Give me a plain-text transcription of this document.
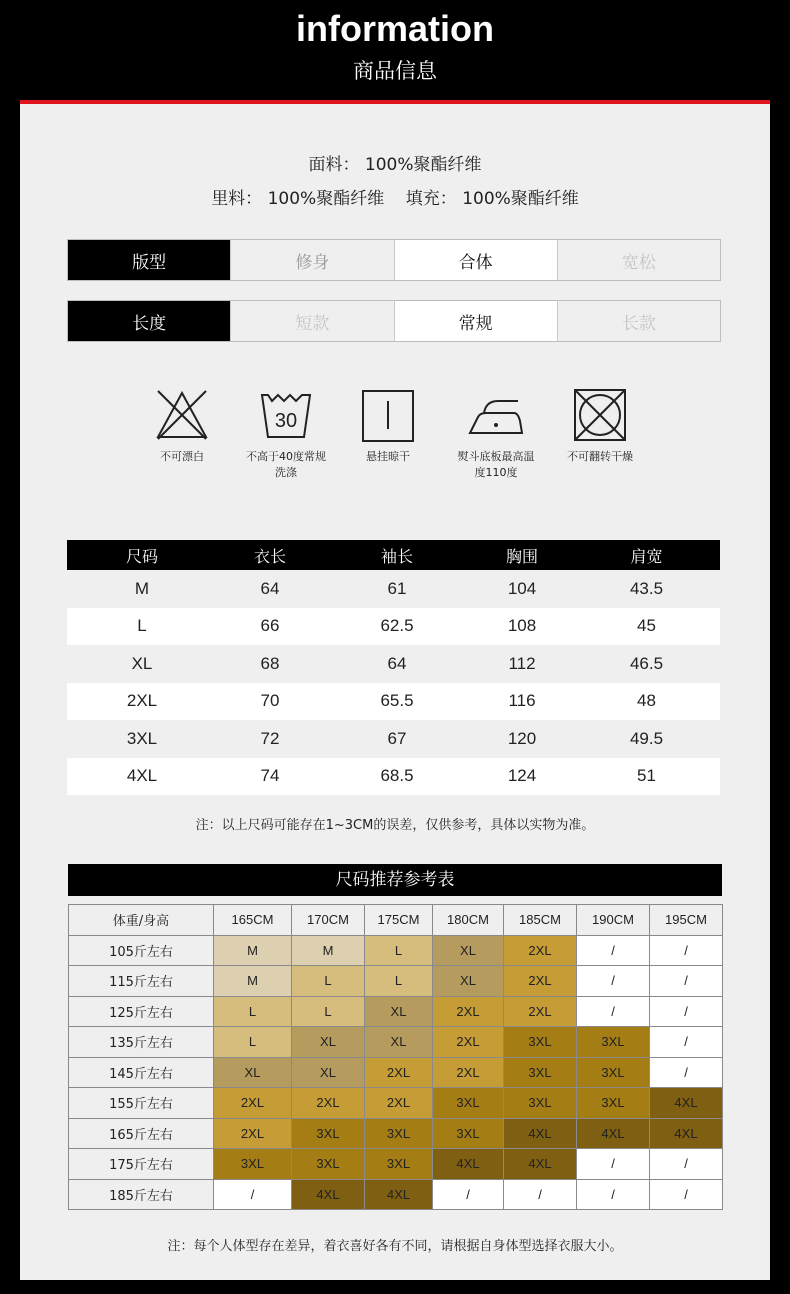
information
商品信息
面料： 100%聚酯纤维
里料： 100%聚酯纤维    填充： 100%聚酯纤维
版型	修身	合体	宽松
长度	短款	常规	长款
不可漂白
30
不高于40度常规洗涤
悬挂晾干	熨斗底板最高温度110度
不可翻转干燥
尺码	衣长	袖长	胸围	肩宽
M	64	61	104	43.5
L	66	62.5	108	45
XL	68	64	112	46.5
2XL	70	65.5	116	48
3XL	72	67	120	49.5
4XL	74	68.5	124	51
注：以上尺码可能存在1~3CM的误差，仅供参考，具体以实物为准。
尺码推荐参考表
体重/身高	165CM	170CM	175CM	180CM	185CM	190CM	195CM
105斤左右	M	M	L	XL	2XL	/	/
115斤左右	M	L	L	XL	2XL	/	/
125斤左右	L	L	XL	2XL	2XL	/	/
135斤左右	L	XL	XL	2XL	3XL	3XL	/
145斤左右	XL	XL	2XL	2XL	3XL	3XL	/
155斤左右	2XL	2XL	2XL	3XL	3XL	3XL	4XL
165斤左右	2XL	3XL	3XL	3XL	4XL	4XL	4XL
175斤左右	3XL	3XL	3XL	4XL	4XL	/	/
185斤左右	/	4XL	4XL	/	/	/	/
注：每个人体型存在差异，着衣喜好各有不同，请根据自身体型选择衣服大小。
